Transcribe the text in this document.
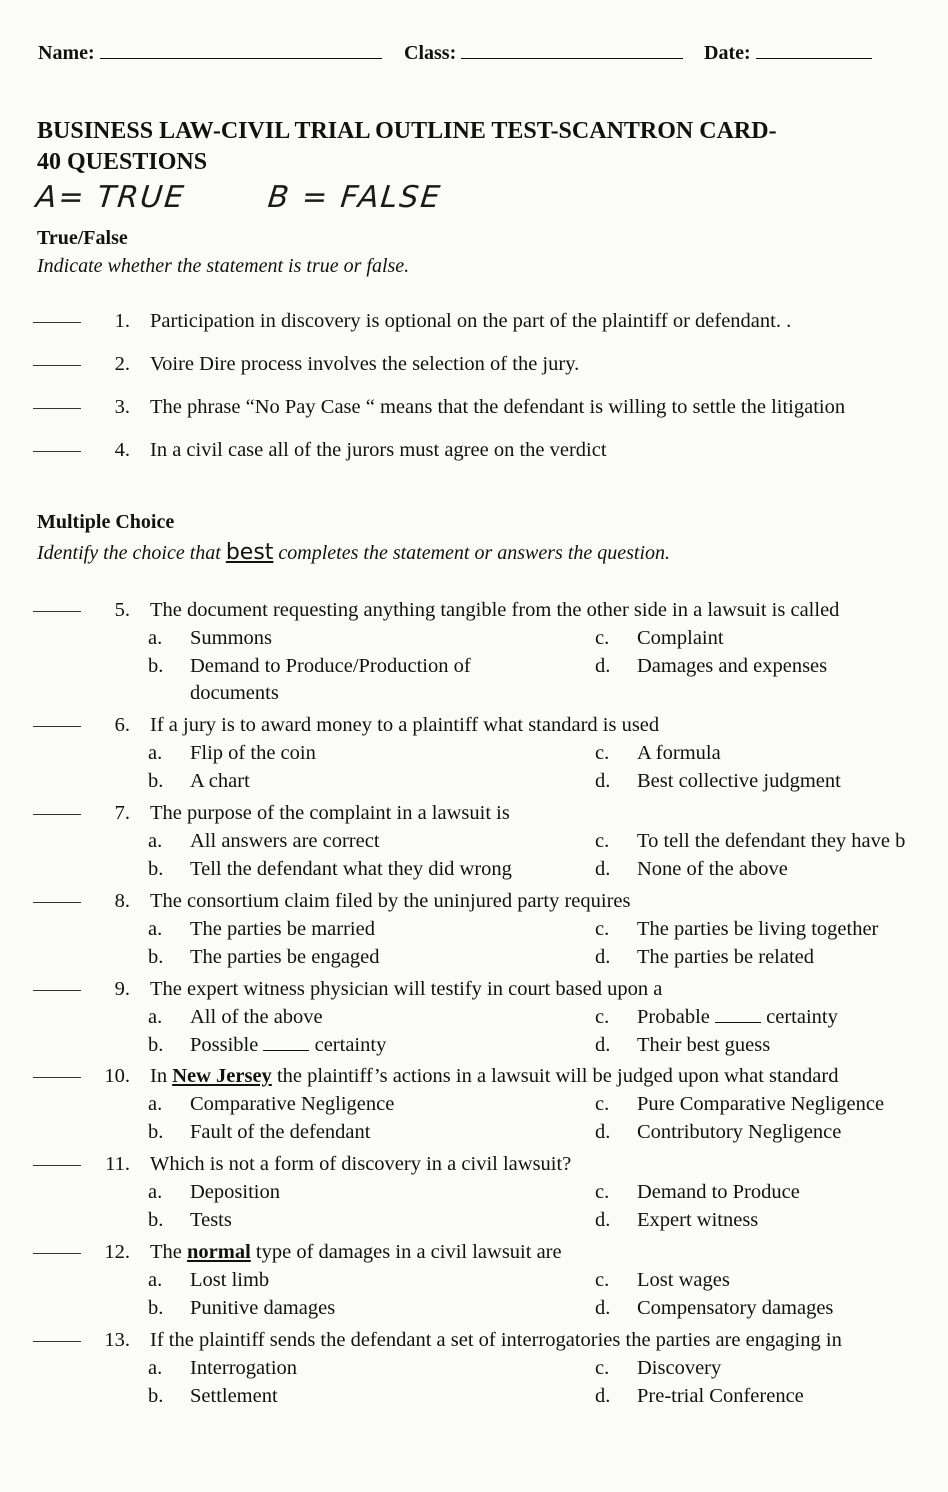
Name:	Class:	Date:
BUSINESS LAW-CIVIL TRIAL OUTLINE TEST-SCANTRON CARD-
40 QUESTIONS
A= TRUE	B = FALSE
True/False
Indicate whether the statement is true or false.
1. Participation in discovery is optional on the part of the plaintiff or defendant. .
2. Voire Dire process involves the selection of the jury.
3. The phrase “No Pay Case “ means that the defendant is willing to settle the litigation
4. In a civil case all of the jurors must agree on the verdict
Multiple Choice
Identify the choice that best completes the statement or answers the question.
5. The document requesting anything tangible from the other side in a lawsuit is called
a. Summons
b. Demand to Produce/Production of
documents
c. Complaint
d. Damages and expenses
6. If a jury is to award money to a plaintiff what standard is used
a. Flip of the coin
b. A chart
c. A formula
d. Best collective judgment
7. The purpose of the complaint in a lawsuit is
a. All answers are correct
b. Tell the defendant what they did wrong
c. To tell the defendant they have b
d. None of the above
8. The consortium claim filed by the uninjured party requires
a. The parties be married
b. The parties be engaged
c. The parties be living together
d. The parties be related
9. The expert witness physician will testify in court based upon a
a. All of the above
b. Possible	certainty
c. Probable	certainty
d. Their best guess
10. In New Jersey the plaintiff’s actions in a lawsuit will be judged upon what standard
a. Comparative Negligence
b. Fault of the defendant
c. Pure Comparative Negligence
d. Contributory Negligence
11. Which is not a form of discovery in a civil lawsuit?
a. Deposition
b. Tests
c. Demand to Produce
d. Expert witness
12. The normal type of damages in a civil lawsuit are
a. Lost limb
b. Punitive damages
c. Lost wages
d. Compensatory damages
13. If the plaintiff sends the defendant a set of interrogatories the parties are engaging in
a. Interrogation
b. Settlement
c. Discovery
d. Pre-trial Conference
